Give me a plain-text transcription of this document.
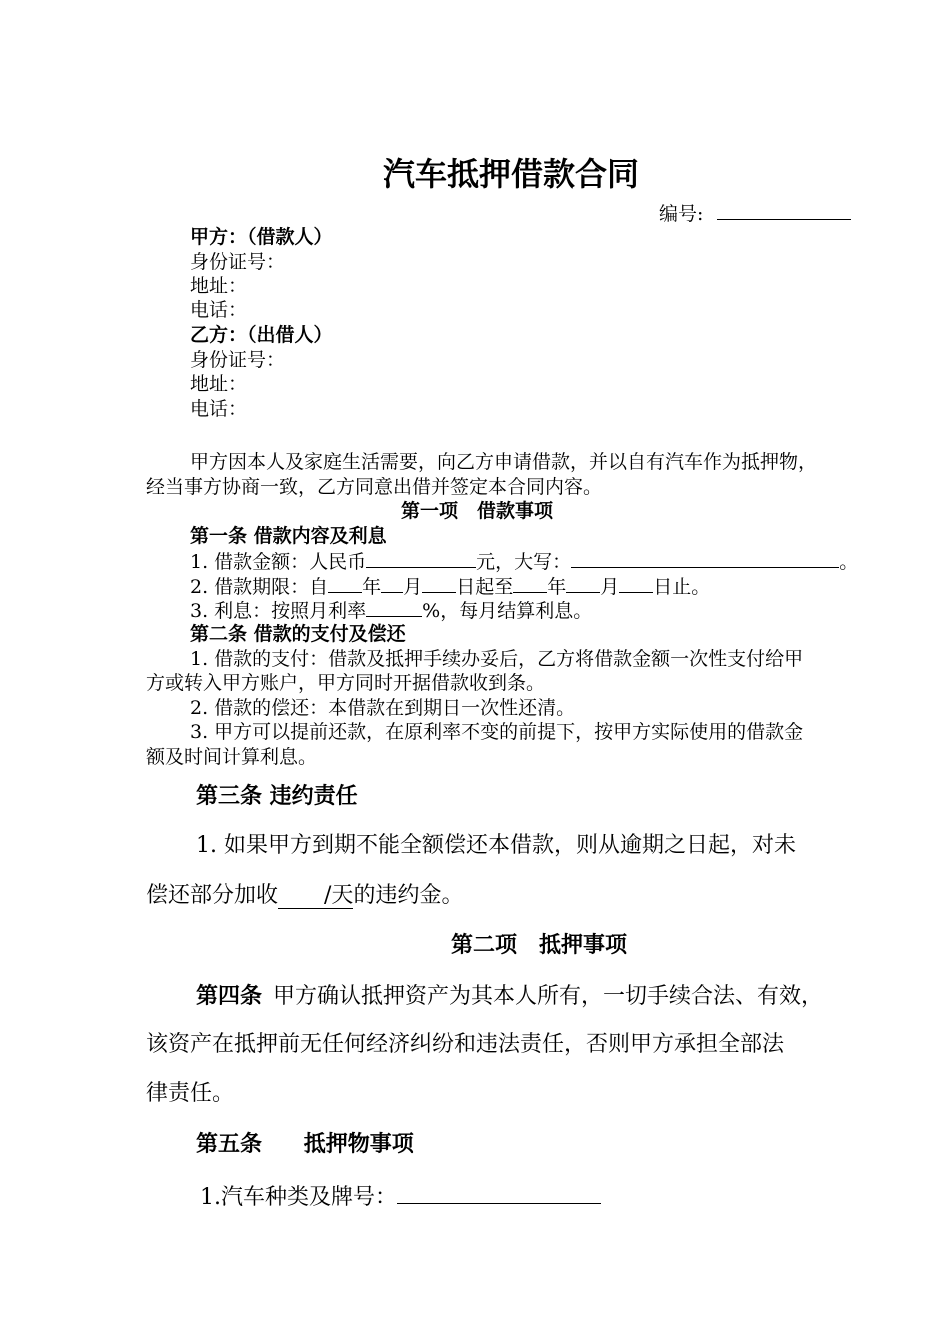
汽车抵押借款合同
编号:
甲方：（借款人）
身份证号：
地址：
电话：
乙方：（出借人）
身份证号：
地址：
电话：
甲方因本人及家庭生活需要，向乙方申请借款，并以自有汽车作为抵押物，
经当事方协商一致，乙方同意出借并签定本合同内容。
第一项　借款事项
第一条 借款内容及利息
1. 借款金额：人民币	元，大写：	。
2. 借款期限：自 年 月 日起至 年 月 日止。
3. 利息：按照月利率	%，每月结算利息。
第二条 借款的支付及偿还
1. 借款的支付：借款及抵押手续办妥后，乙方将借款金额一次性支付给甲
方或转入甲方账户，甲方同时开据借款收到条。
2. 借款的偿还：本借款在到期日一次性还清。
3. 甲方可以提前还款，在原利率不变的前提下，按甲方实际使用的借款金
额及时间计算利息。
第三条 违约责任
1. 如果甲方到期不能全额偿还本借款，则从逾期之日起，对未
偿还部分加收 /天的违约金。
第二项　抵押事项
第四条 甲方确认抵押资产为其本人所有，一切手续合法、有效，
该资产在抵押前无任何经济纠纷和违法责任，否则甲方承担全部法
律责任。
第五条 抵押物事项
1.汽车种类及牌号：
